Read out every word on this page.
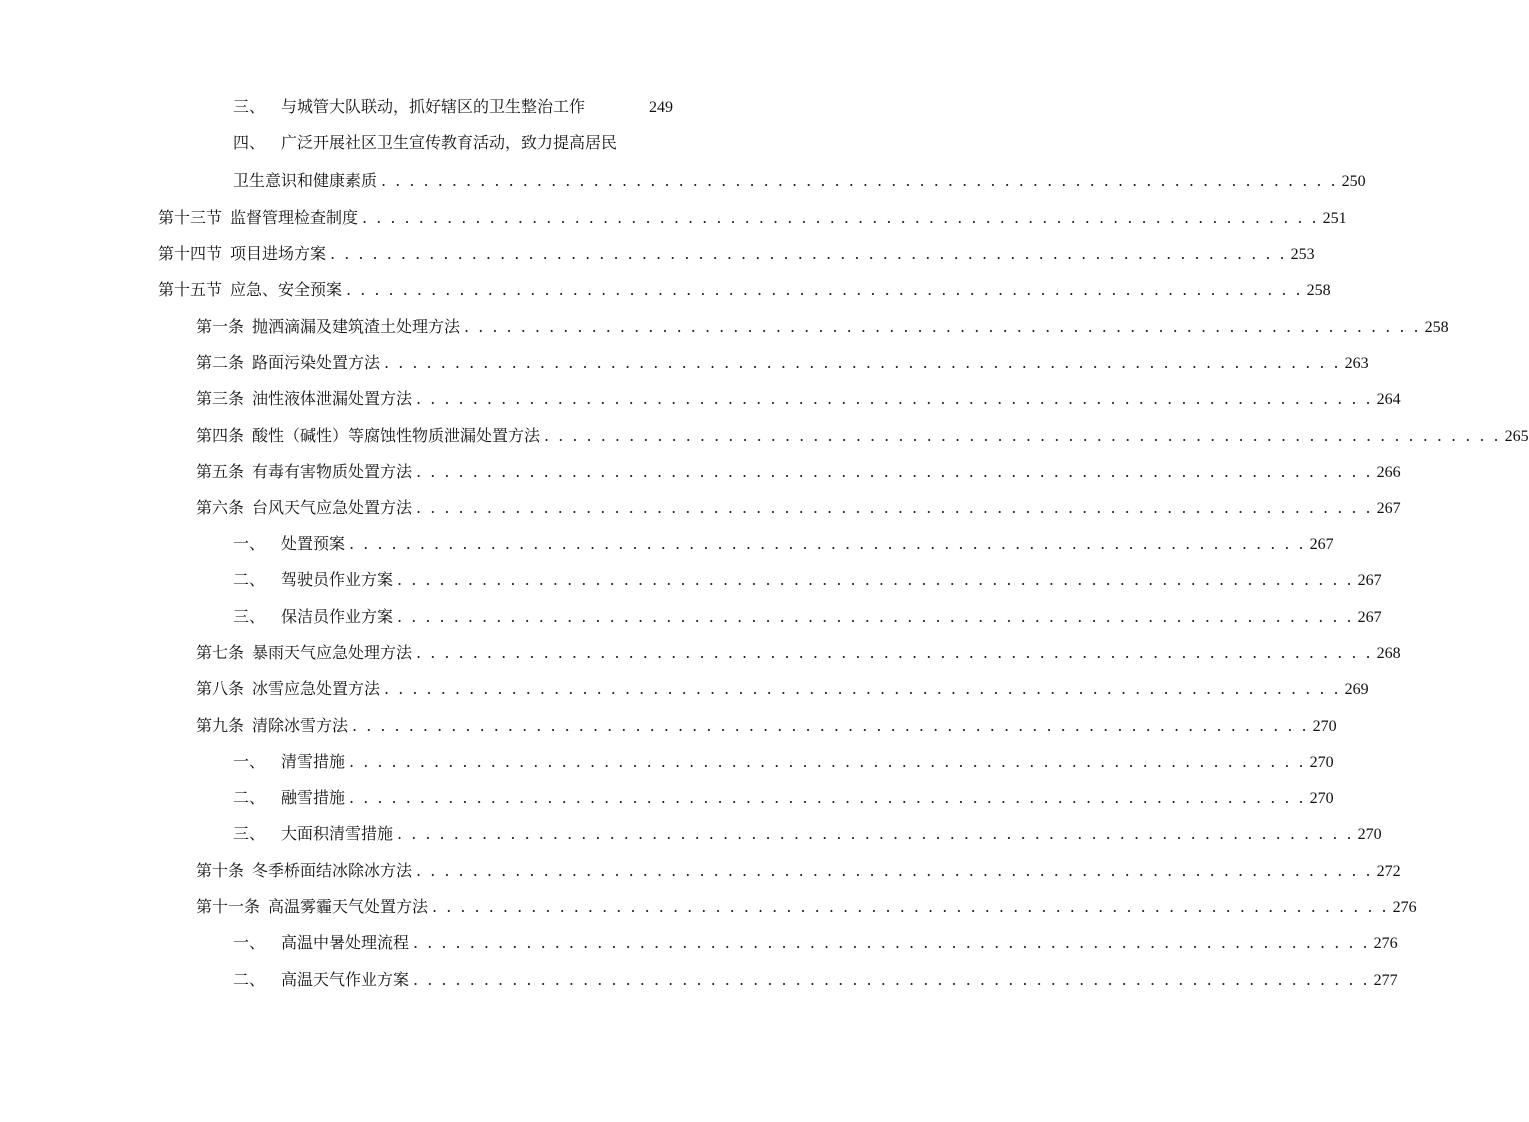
三、 与城管大队联动，抓好辖区的卫生整治工作	249
四、 广泛开展社区卫生宣传教育活动，致力提高居民
卫生意识和健康素质 . . . . . . . . . . . . . . . . . . . . . . . . . . . . . . . . . . . . . . . . . . . . . . . . . . . . . . . . . . . . . . . . . . . . 250
第十三节 监督管理检查制度 . . . . . . . . . . . . . . . . . . . . . . . . . . . . . . . . . . . . . . . . . . . . . . . . . . . . . . . . . . . . . . . . . . . . 251
第十四节 项目进场方案 . . . . . . . . . . . . . . . . . . . . . . . . . . . . . . . . . . . . . . . . . . . . . . . . . . . . . . . . . . . . . . . . . . . . 253
第十五节 应急、安全预案 . . . . . . . . . . . . . . . . . . . . . . . . . . . . . . . . . . . . . . . . . . . . . . . . . . . . . . . . . . . . . . . . . . . . 258
第一条 抛洒滴漏及建筑渣土处理方法 . . . . . . . . . . . . . . . . . . . . . . . . . . . . . . . . . . . . . . . . . . . . . . . . . . . . . . . . . . . . . . . . . . . . 258
第二条 路面污染处置方法 . . . . . . . . . . . . . . . . . . . . . . . . . . . . . . . . . . . . . . . . . . . . . . . . . . . . . . . . . . . . . . . . . . . . 263
第三条 油性液体泄漏处置方法 . . . . . . . . . . . . . . . . . . . . . . . . . . . . . . . . . . . . . . . . . . . . . . . . . . . . . . . . . . . . . . . . . . . . 264
第四条 酸性（碱性）等腐蚀性物质泄漏处置方法 . . . . . . . . . . . . . . . . . . . . . . . . . . . . . . . . . . . . . . . . . . . . . . . . . . . . . . . . . . . . . . . . . . . . 265
第五条 有毒有害物质处置方法 . . . . . . . . . . . . . . . . . . . . . . . . . . . . . . . . . . . . . . . . . . . . . . . . . . . . . . . . . . . . . . . . . . . . 266
第六条 台风天气应急处置方法 . . . . . . . . . . . . . . . . . . . . . . . . . . . . . . . . . . . . . . . . . . . . . . . . . . . . . . . . . . . . . . . . . . . . 267
一、 处置预案 . . . . . . . . . . . . . . . . . . . . . . . . . . . . . . . . . . . . . . . . . . . . . . . . . . . . . . . . . . . . . . . . . . . . 267
二、 驾驶员作业方案 . . . . . . . . . . . . . . . . . . . . . . . . . . . . . . . . . . . . . . . . . . . . . . . . . . . . . . . . . . . . . . . . . . . . 267
三、 保洁员作业方案 . . . . . . . . . . . . . . . . . . . . . . . . . . . . . . . . . . . . . . . . . . . . . . . . . . . . . . . . . . . . . . . . . . . . 267
第七条 暴雨天气应急处理方法 . . . . . . . . . . . . . . . . . . . . . . . . . . . . . . . . . . . . . . . . . . . . . . . . . . . . . . . . . . . . . . . . . . . . 268
第八条 冰雪应急处置方法 . . . . . . . . . . . . . . . . . . . . . . . . . . . . . . . . . . . . . . . . . . . . . . . . . . . . . . . . . . . . . . . . . . . . 269
第九条 清除冰雪方法 . . . . . . . . . . . . . . . . . . . . . . . . . . . . . . . . . . . . . . . . . . . . . . . . . . . . . . . . . . . . . . . . . . . . 270
一、 清雪措施 . . . . . . . . . . . . . . . . . . . . . . . . . . . . . . . . . . . . . . . . . . . . . . . . . . . . . . . . . . . . . . . . . . . . 270
二、 融雪措施 . . . . . . . . . . . . . . . . . . . . . . . . . . . . . . . . . . . . . . . . . . . . . . . . . . . . . . . . . . . . . . . . . . . . 270
三、 大面积清雪措施 . . . . . . . . . . . . . . . . . . . . . . . . . . . . . . . . . . . . . . . . . . . . . . . . . . . . . . . . . . . . . . . . . . . . 270
第十条 冬季桥面结冰除冰方法 . . . . . . . . . . . . . . . . . . . . . . . . . . . . . . . . . . . . . . . . . . . . . . . . . . . . . . . . . . . . . . . . . . . . 272
第十一条 高温雾霾天气处置方法 . . . . . . . . . . . . . . . . . . . . . . . . . . . . . . . . . . . . . . . . . . . . . . . . . . . . . . . . . . . . . . . . . . . . 276
一、 高温中暑处理流程 . . . . . . . . . . . . . . . . . . . . . . . . . . . . . . . . . . . . . . . . . . . . . . . . . . . . . . . . . . . . . . . . . . . . 276
二、 高温天气作业方案 . . . . . . . . . . . . . . . . . . . . . . . . . . . . . . . . . . . . . . . . . . . . . . . . . . . . . . . . . . . . . . . . . . . . 277
